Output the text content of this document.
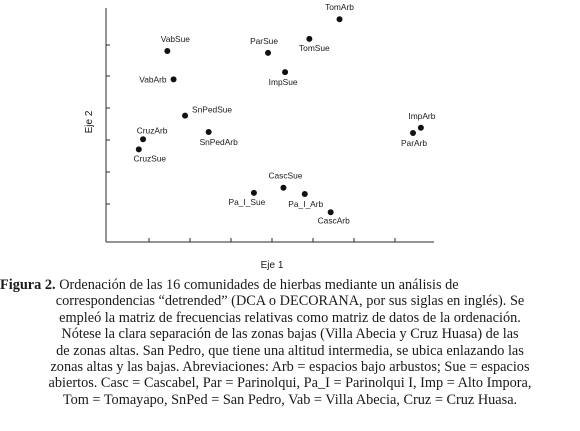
TomArb
TomSue
VabSue	ParSue
ImpSue
VabArb
SnPedSue
ImpArb
ParArb
CruzArb
CruzSue
SnPedArb
CascSue
Pa_I_Sue	Pa_I_Arb
CascArb
Eje 2
Eje 1
Figura 2. Ordenación de las 16 comunidades de hierbas mediante un análisis de
correspondencias “detrended” (DCA o DECORANA, por sus siglas en inglés). Se
empleó la matriz de frecuencias relativas como matriz de datos de la ordenación.
Nótese la clara separación de las zonas bajas (Villa Abecia y Cruz Huasa) de las
de zonas altas. San Pedro, que tiene una altitud intermedia, se ubica enlazando las
zonas altas y las bajas. Abreviaciones: Arb = espacios bajo arbustos; Sue = espacios
abiertos. Casc = Cascabel, Par = Parinolqui, Pa_I = Parinolqui I, Imp = Alto Impora,
Tom = Tomayapo, SnPed = San Pedro, Vab = Villa Abecia, Cruz = Cruz Huasa.
